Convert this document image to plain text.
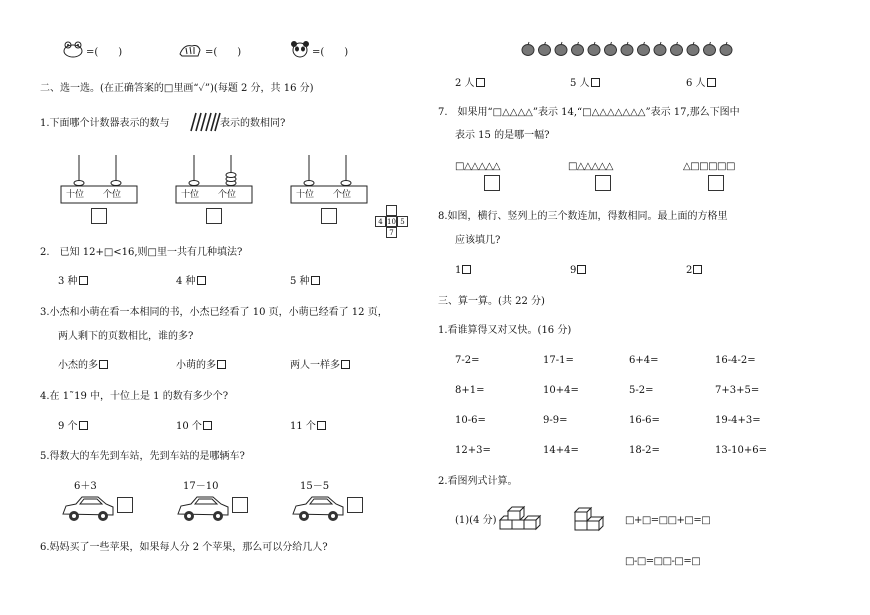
=(　　)	=(　　)	=(　　)
二、选一选。(在正确答案的□里画“✓”)(每题 2 分，共 16 分)
1.下面哪个计数器表示的数与	表示的数相同?
十位 个位	十位 个位	十位 个位
4 10 5
7
2.　已知 12+□<16,则□里一共有几种填法?
3 种	4 种	5 种
3.小杰和小萌在看一本相同的书，小杰已经看了 10 页，小萌已经看了 12 页，
两人剩下的页数相比，谁的多?
小杰的多	小萌的多	两人一样多
4.在 1˜19 中，十位上是 1 的数有多少个?
9 个	10 个	11 个
5.得数大的车先到车站，先到车站的是哪辆车?
6＋3	17－10	15－5
6.妈妈买了一些苹果，如果每人分 2 个苹果，那么可以分给几人?
2 人	5 人	6 人
7.　如果用“□△△△△”表示 14,“□△△△△△△△”表示 17,那么下图中
表示 15 的是哪一幅?
□△△△△△	□△△△△△	△□□□□□
8.如图，横行、竖列上的三个数连加，得数相同。最上面的方格里
应该填几?
1	9	2
三、算一算。(共 22 分)
1.看谁算得又对又快。(16 分)
7-2=	17-1=	6+4=	16-4-2=
8+1=	10+4=	5-2=	7+3+5=
10-6=	9-9=	16-6=	19-4+3=
12+3=	14+4=	18-2=	13-10+6=
2.看图列式计算。
(1)(4 分)	□+□=□□+□=□
□-□=□□-□=□
